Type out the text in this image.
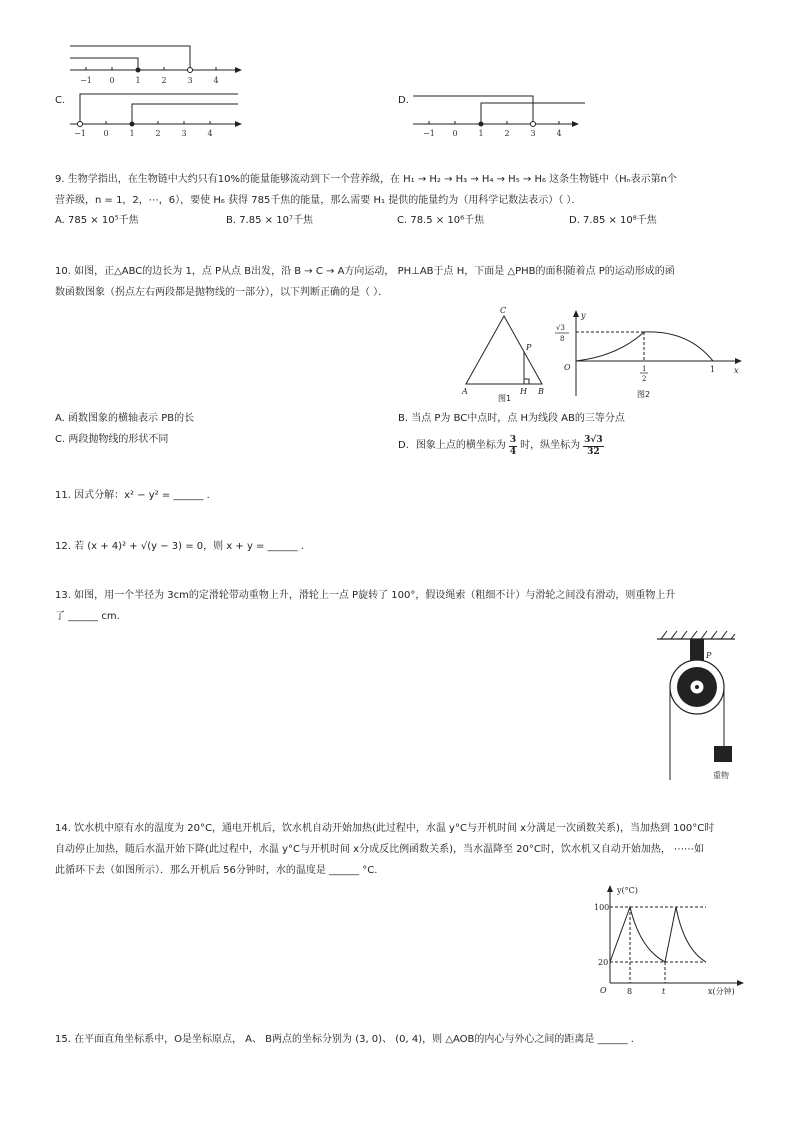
−1 0	1	2	3	4
C.
−1 0	1	2	3	4
D.
−1 0	1	2	3	4
9. 生物学指出，在生物链中大约只有10%的能量能够流动到下一个营养级，在 H₁ → H₂ → H₃ → H₄ → H₅ → H₆ 这条生物链中（Hₙ表示第n个
营养级，n = 1，2，⋯，6），要使 H₆ 获得 785千焦的能量，那么需要 H₁ 提供的能量约为（用科学记数法表示）（ ）．
A. 785 × 10⁵千焦	B. 7.85 × 10⁷千焦	C. 78.5 × 10⁶千焦	D. 7.85 × 10⁸千焦
10. 如图，正△ABC的边长为 1，点 P从点 B出发，沿 B → C → A方向运动， PH⊥AB于点 H，下面是 △PHB的面积随着点 P的运动形成的函
数函数图象（拐点左右两段都是抛物线的一部分），以下判断正确的是（ ）．
C
P
A	H B
图1
y
x
O	1
1
2
√3
8
图2
A. 函数图象的横轴表示 PB的长	B. 当点 P为 BC中点时，点 H为线段 AB的三等分点
C. 两段抛物线的形状不同
D. 图象上点的横坐标为 $\frac{3}{4}$ 时，纵坐标为 $\frac{3√3}{32}$
11. 因式分解：x² − y² = ______ .
12. 若 (x + 4)² + √(y − 3) = 0，则 x + y = ______ .
13. 如图，用一个半径为 3cm的定滑轮带动重物上升，滑轮上一点 P旋转了 100°，假设绳索（粗细不计）与滑轮之间没有滑动，则重物上升
了 ______ cm.
P
重物
14. 饮水机中原有水的温度为 20°C，通电开机后，饮水机自动开始加热(此过程中，水温 y°C与开机时间 x分满足一次函数关系)，当加热到 100°C时
自动停止加热，随后水温开始下降(此过程中，水温 y°C与开机时间 x分成反比例函数关系)，当水温降至 20°C时，饮水机又自动开始加热， ⋯⋯如
此循环下去（如图所示）．那么开机后 56分钟时，水的温度是 ______ °C.
y(°C)
100
20
O	8	t	x(分钟)
15. 在平面直角坐标系中，O是坐标原点， A、 B两点的坐标分别为 (3, 0)、 (0, 4)，则 △AOB的内心与外心之间的距离是 ______ .
